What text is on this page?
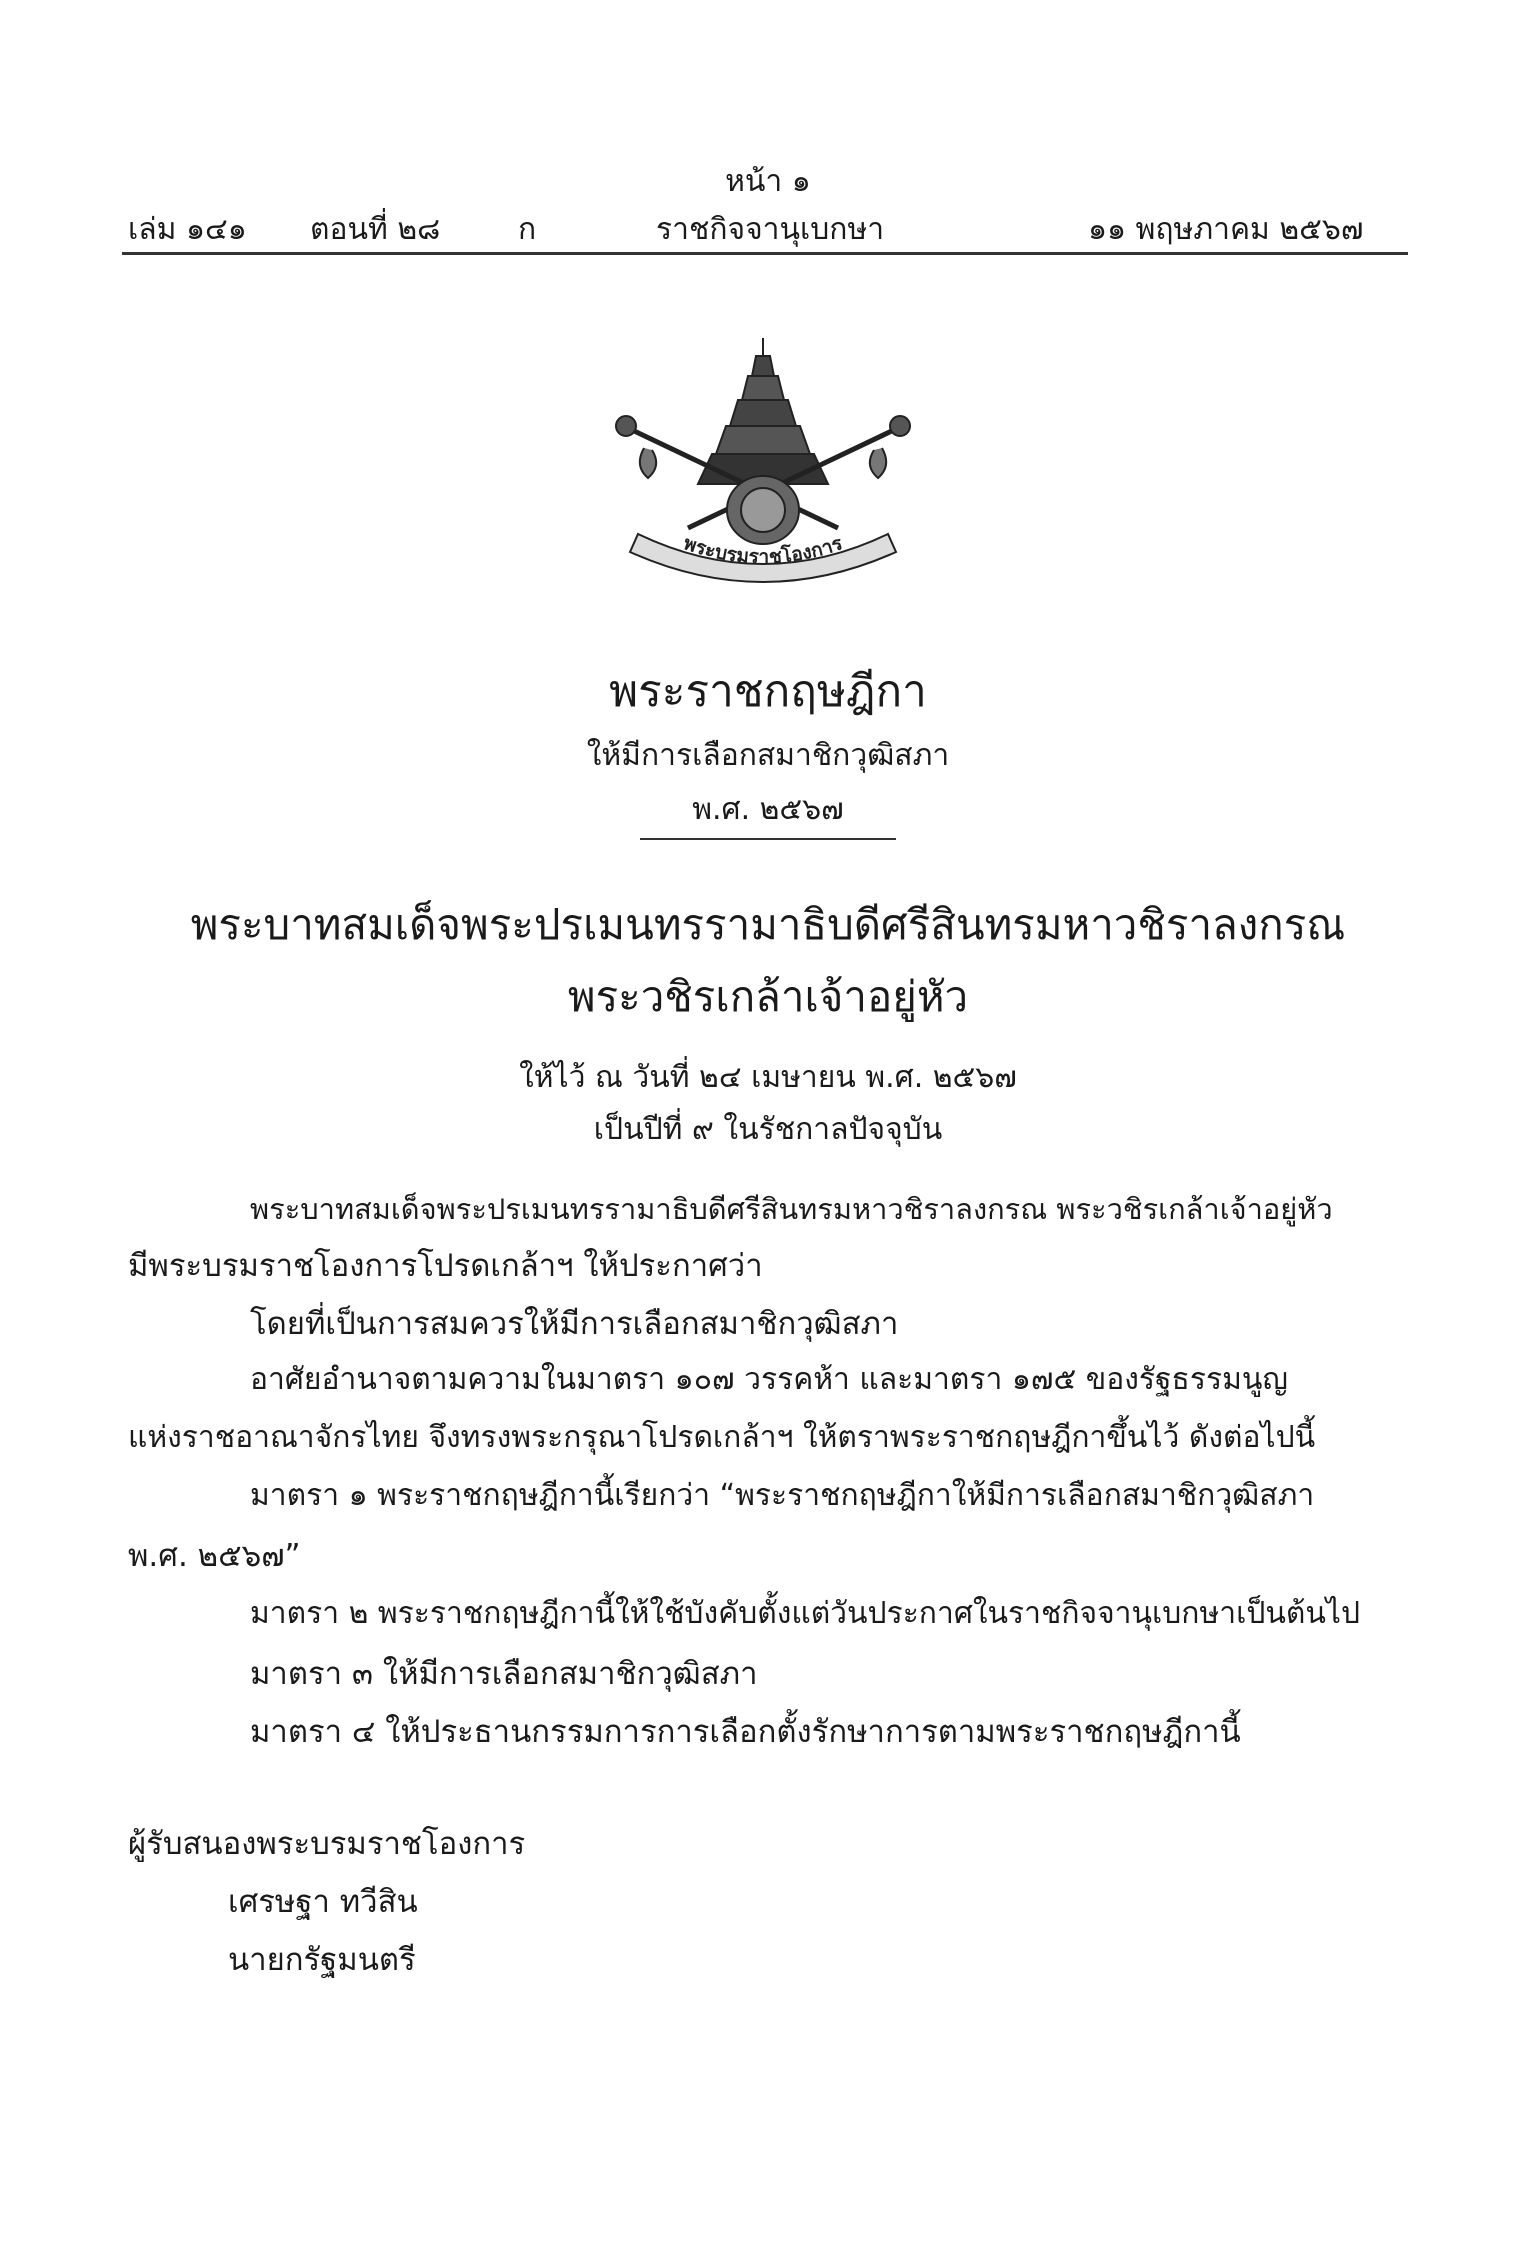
หน้า ๑
เล่ม ๑๔๑ ตอนที่ ๒๘	ก	ราชกิจจานุเบกษา	๑๑ พฤษภาคม ๒๕๖๗
พระบรมราชโองการ
พระราชกฤษฎีกา
ให้มีการเลือกสมาชิกวุฒิสภา
พ.ศ. ๒๕๖๗
พระบาทสมเด็จพระปรเมนทรรามาธิบดีศรีสินทรมหาวชิราลงกรณ
พระวชิรเกล้าเจ้าอยู่หัว
ให้ไว้ ณ วันที่ ๒๔ เมษายน พ.ศ. ๒๕๖๗
เป็นปีที่ ๙ ในรัชกาลปัจจุบัน
พระบาทสมเด็จพระปรเมนทรรามาธิบดีศรีสินทรมหาวชิราลงกรณ พระวชิรเกล้าเจ้าอยู่หัว
มีพระบรมราชโองการโปรดเกล้าฯ ให้ประกาศว่า
โดยที่เป็นการสมควรให้มีการเลือกสมาชิกวุฒิสภา
อาศัยอำนาจตามความในมาตรา ๑๐๗ วรรคห้า และมาตรา ๑๗๕ ของรัฐธรรมนูญ
แห่งราชอาณาจักรไทย จึงทรงพระกรุณาโปรดเกล้าฯ ให้ตราพระราชกฤษฎีกาขึ้นไว้ ดังต่อไปนี้
มาตรา ๑ พระราชกฤษฎีกานี้เรียกว่า “พระราชกฤษฎีกาให้มีการเลือกสมาชิกวุฒิสภา
พ.ศ. ๒๕๖๗”
มาตรา ๒ พระราชกฤษฎีกานี้ให้ใช้บังคับตั้งแต่วันประกาศในราชกิจจานุเบกษาเป็นต้นไป
มาตรา ๓ ให้มีการเลือกสมาชิกวุฒิสภา
มาตรา ๔ ให้ประธานกรรมการการเลือกตั้งรักษาการตามพระราชกฤษฎีกานี้
ผู้รับสนองพระบรมราชโองการ
เศรษฐา ทวีสิน
นายกรัฐมนตรี
